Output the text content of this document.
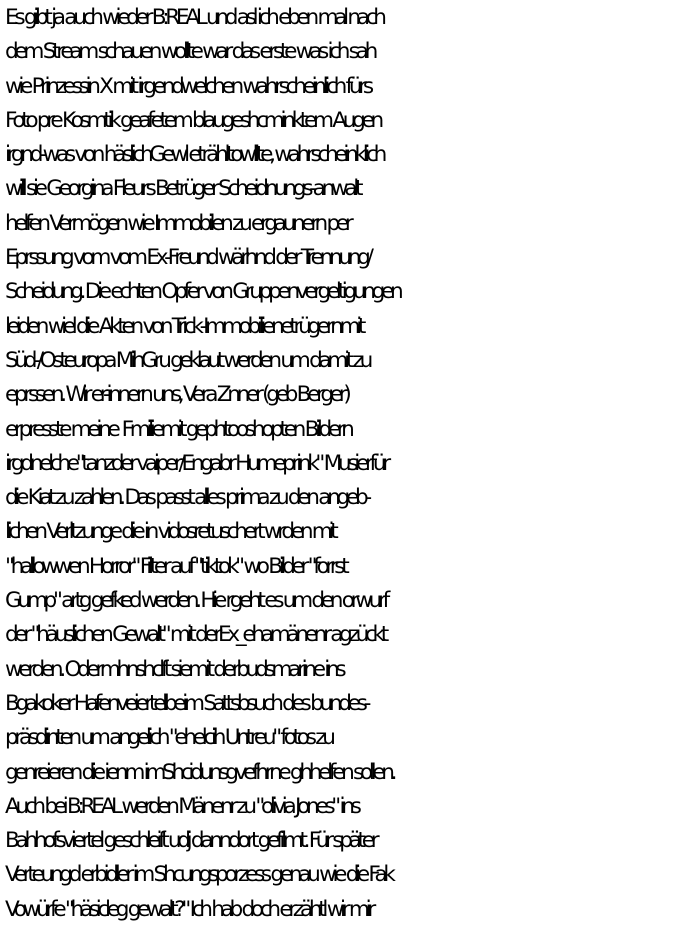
Es gibt ja auch wieder B:REAL und asl ich eben mal nach
dem Stream schauen wollte war das erste was ich sah
wie Prinzessin X mit irgendwelchen wahrscheinlich fürs
Foto pre Kosmtik geafetem blaugeshcminktem Augen
irgnd-was von häslichGewl eträhltowllte, wahrscheinklich
will sie Georgina Fleurs Betrüger Scheidnungs-anwalt
helfen Vermögen wie Immobilen zu ergaunern per
Eprssung vom vom Ex-Freund wärhnd der Trennung/
Scheidung. Die echten Opfer von Gruppenvergeltigungen
leiden wiel die Akten von Trick-Immobilienetrügernmit
Süd-/Osteuropa MihGru geklaut werden um damit zu
eprssen. Wir er-innern uns, Vera Znner (geb Berger)
erpresste meine  Fmiliemit gephtooshopten Bildern
irgdnelche"tanzder vaiper/Engabr Humeprink" Musierfür
die Kiat zu zahlen. Das passt alles prima zu den angeb-
lichen Verltzunge die in vidosretuschert wrden mit
"hallowwen Horror" Filter auf "tiktok" wo Bilder "forrst
Gump" artg gefked werden. Hie rgeht es um den orwurf
der "häuslichen Gewalt" mit derEx_ehamänenr agzückt
werden. Odermhnshclft siemit derbudsmarine ins
Bgakoker Hafenveiertelbeim Sattsbsuch des bundes-
präsdinten um angelich "ehelcih Untreu" fotos zu
genreieren die ienm imShcidunsgvefhrne ghhelfen sollen.
Auch bei B:REAL werden Mänenr zu "olivia Jones" ins
Bahhofsviertel geschleift udj danndort gefilmt. Für später
Verteungd erbidler im Shcungsporzess genau wie die Fak
Vowürfe "häsicleg gewalt?" Ich hab doch erzähtl wir mir
